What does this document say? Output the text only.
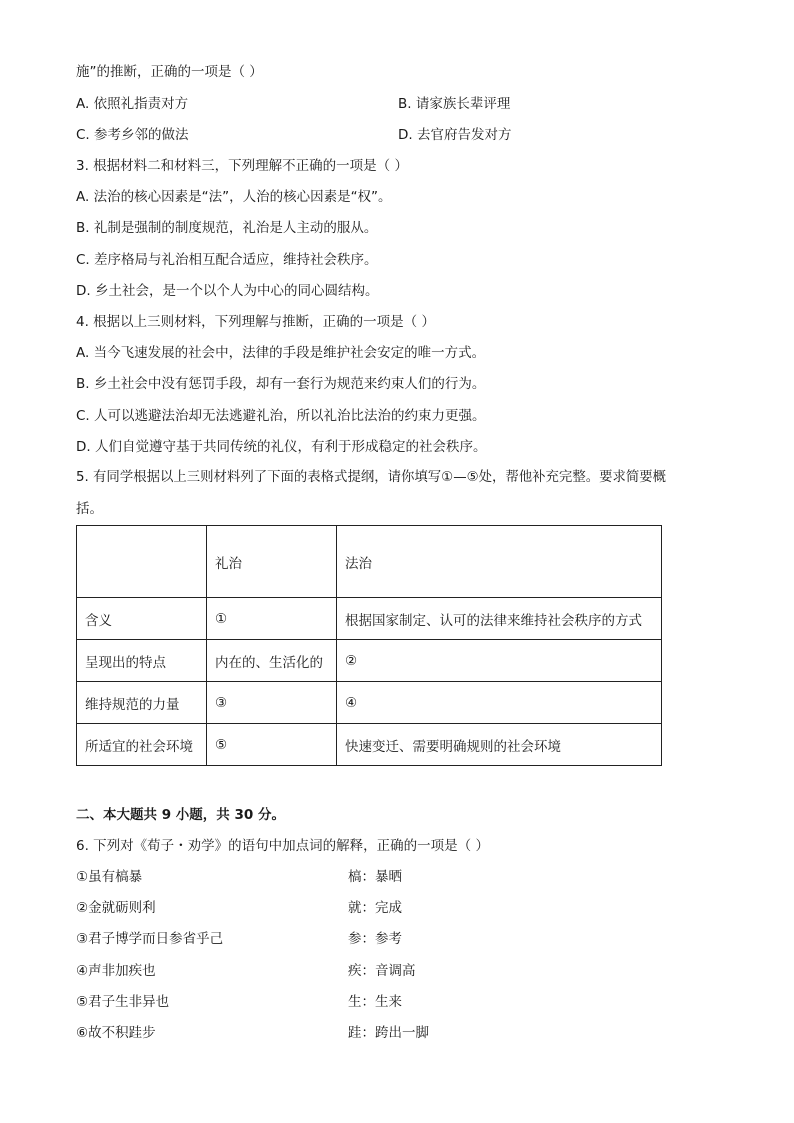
施”的推断，正确的一项是（ ）
A. 依照礼指责对方	B. 请家族长辈评理
C. 参考乡邻的做法	D. 去官府告发对方
3. 根据材料二和材料三，下列理解不正确的一项是（ ）
A. 法治的核心因素是“法”，人治的核心因素是“权”。
B. 礼制是强制的制度规范，礼治是人主动的服从。
C. 差序格局与礼治相互配合适应，维持社会秩序。
D. 乡土社会，是一个以个人为中心的同心圆结构。
4. 根据以上三则材料，下列理解与推断，正确的一项是（ ）
A. 当今飞速发展的社会中，法律的手段是维护社会安定的唯一方式。
B. 乡土社会中没有惩罚手段，却有一套行为规范来约束人们的行为。
C. 人可以逃避法治却无法逃避礼治，所以礼治比法治的约束力更强。
D. 人们自觉遵守基于共同传统的礼仪，有利于形成稳定的社会秩序。
5. 有同学根据以上三则材料列了下面的表格式提纲，请你填写①—⑤处，帮他补充完整。要求简要概
括。
	礼治	法治
含义	①	根据国家制定、认可的法律来维持社会秩序的方式
呈现出的特点	内在的、生活化的	②
维持规范的力量	③	④
所适宜的社会环境	⑤	快速变迁、需要明确规则的社会环境
二、本大题共 9 小题，共 30 分。
6. 下列对《荀子・劝学》的语句中加点词的解释，正确的一项是（ ）
①虽有槁暴	槁：暴晒
②金就砺则利	就：完成
③君子博学而日参省乎己	参：参考
④声非加疾也	疾：音调高
⑤君子生非异也	生：生来
⑥故不积跬步	跬：跨出一脚
